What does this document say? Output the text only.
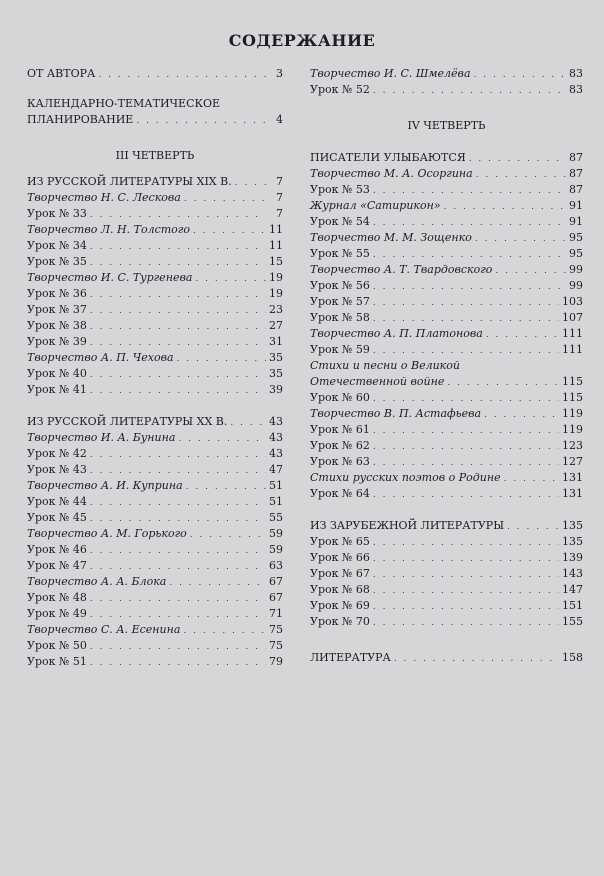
СОДЕРЖАНИЕ
ОТ АВТОРА . . .	3
КАЛЕНДАРНО-ТЕМАТИЧЕСКОЕ
ПЛАНИРОВАНИЕ . . .	4
III ЧЕТВЕРТЬ
ИЗ РУССКОЙ ЛИТЕРАТУРЫ XIX В. . . .	7
Творчество Н. С. Лескова . . .	7
Урок № 33 . . .	7
Творчество Л. Н. Толстого . . .	11
Урок № 34 . . .	11
Урок № 35 . . .	15
Творчество И. С. Тургенева . . .	19
Урок № 36 . . .	19
Урок № 37 . . .	23
Урок № 38 . . .	27
Урок № 39 . . .	31
Творчество А. П. Чехова . . .	35
Урок № 40 . . .	35
Урок № 41 . . .	39
ИЗ РУССКОЙ ЛИТЕРАТУРЫ XX В. . . .	43
Творчество И. А. Бунина . . .	43
Урок № 42 . . .	43
Урок № 43 . . .	47
Творчество А. И. Куприна . . .	51
Урок № 44 . . .	51
Урок № 45 . . .	55
Творчество А. М. Горького . . .	59
Урок № 46 . . .	59
Урок № 47 . . .	63
Творчество А. А. Блока . . .	67
Урок № 48 . . .	67
Урок № 49 . . .	71
Творчество С. А. Есенина . . .	75
Урок № 50 . . .	75
Урок № 51 . . .	79
Творчество И. С. Шмелёва . . .	83
Урок № 52 . . .	83
IV ЧЕТВЕРТЬ
ПИСАТЕЛИ УЛЫБАЮТСЯ . . .	87
Творчество М. А. Осоргина . . .	87
Урок № 53 . . .	87
Журнал «Сатирикон» . . .	91
Урок № 54 . . .	91
Творчество М. М. Зощенко . . .	95
Урок № 55 . . .	95
Творчество А. Т. Твардовского . . .	99
Урок № 56 . . .	99
Урок № 57 . . .	103
Урок № 58 . . .	107
Творчество А. П. Платонова . . .	111
Урок № 59 . . .	111
Стихи и песни о Великой
Отечественной войне . . .	115
Урок № 60 . . .	115
Творчество В. П. Астафьева . . .	119
Урок № 61 . . .	119
Урок № 62 . . .	123
Урок № 63 . . .	127
Стихи русских поэтов о Родине . . .	131
Урок № 64 . . .	131
ИЗ ЗАРУБЕЖНОЙ ЛИТЕРАТУРЫ . . .	135
Урок № 65 . . .	135
Урок № 66 . . .	139
Урок № 67 . . .	143
Урок № 68 . . .	147
Урок № 69 . . .	151
Урок № 70 . . .	155
ЛИТЕРАТУРА . . .	158
